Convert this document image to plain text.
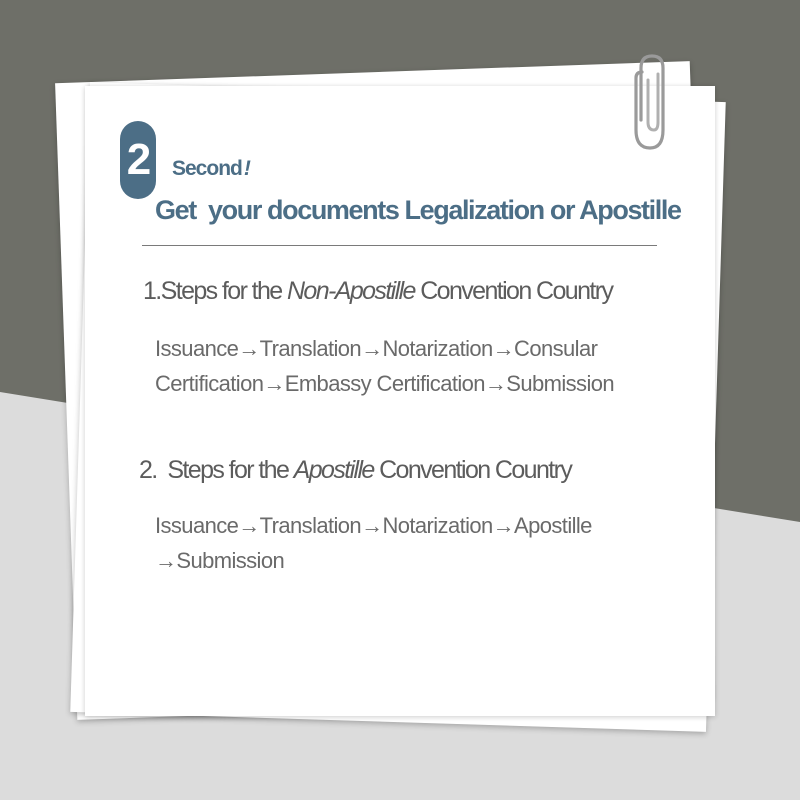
2	Second!
Get  your documents Legalization or Apostille
1.Steps for the Non-Apostille Convention Country
Issuance→Translation→Notarization→Consular
Certification→Embassy Certification→Submission
2.  Steps for the Apostille Convention Country
Issuance→Translation→Notarization→Apostille
→Submission
